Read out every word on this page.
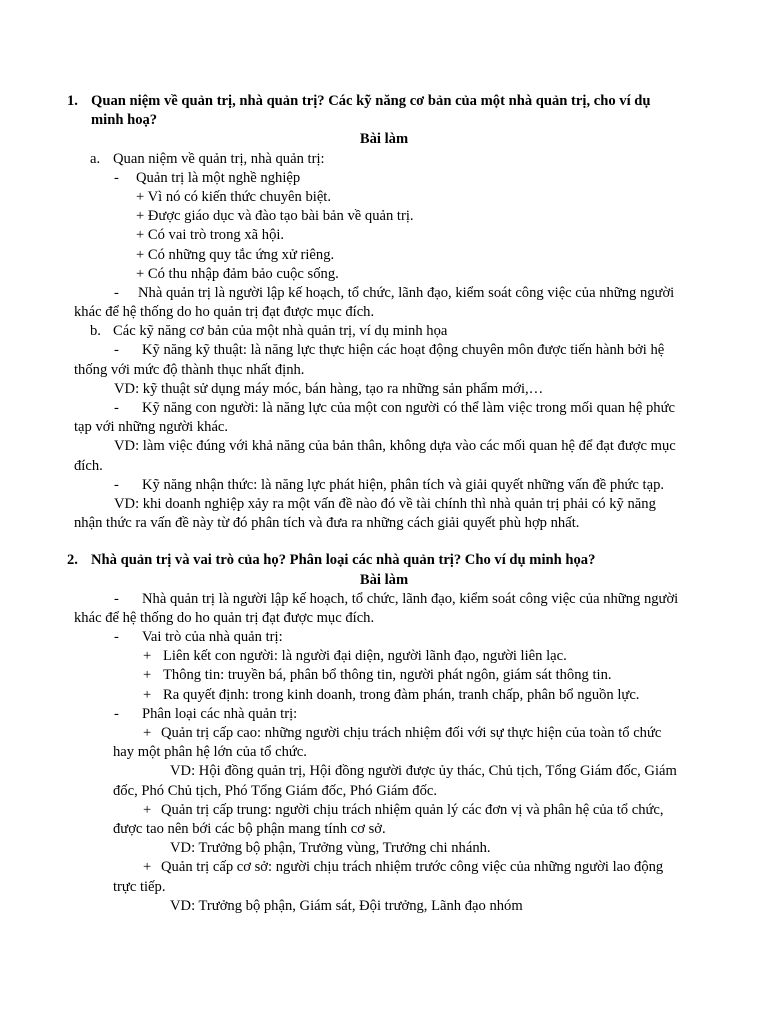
1. Quan niệm về quản trị, nhà quản trị? Các kỹ năng cơ bản của một nhà quản trị, cho ví dụ
minh hoạ?
Bài làm
a. Quan niệm về quản trị, nhà quản trị:
- Quản trị là một nghề nghiệp
+ Vì nó có kiến thức chuyên biệt.
+ Được giáo dục và đào tạo bài bản về quản trị.
+ Có vai trò trong xã hội.
+ Có những quy tắc ứng xử riêng.
+ Có thu nhập đảm bảo cuộc sống.
- Nhà quản trị là người lập kế hoạch, tổ chức, lãnh đạo, kiểm soát công việc của những người
khác để hệ thống do ho quản trị đạt được mục đích.
b. Các kỹ năng cơ bản của một nhà quản trị, ví dụ minh họa
- Kỹ năng kỹ thuật: là năng lực thực hiện các hoạt động chuyên môn được tiến hành bởi hệ
thống với mức độ thành thục nhất định.
VD: kỹ thuật sử dụng máy móc, bán hàng, tạo ra những sản phẩm mới,…
- Kỹ năng con người: là năng lực của một con người có thể làm việc trong mối quan hệ phức
tạp với những người khác.
VD: làm việc đúng với khả năng của bản thân, không dựa vào các mối quan hệ để đạt được mục
đích.
- Kỹ năng nhận thức: là năng lực phát hiện, phân tích và giải quyết những vấn đề phức tạp.
VD: khi doanh nghiệp xảy ra một vấn đề nào đó về tài chính thì nhà quản trị phải có kỹ năng
nhận thức ra vấn đề này từ đó phân tích và đưa ra những cách giải quyết phù hợp nhất.
2. Nhà quản trị và vai trò của họ? Phân loại các nhà quản trị? Cho ví dụ minh họa?
Bài làm
- Nhà quản trị là người lập kế hoạch, tổ chức, lãnh đạo, kiểm soát công việc của những người
khác để hệ thống do ho quản trị đạt được mục đích.
- Vai trò của nhà quản trị:
+ Liên kết con người: là người đại diện, người lãnh đạo, người liên lạc.
+ Thông tin: truyền bá, phân bổ thông tin, người phát ngôn, giám sát thông tin.
+ Ra quyết định: trong kinh doanh, trong đàm phán, tranh chấp, phân bổ nguồn lực.
- Phân loại các nhà quản trị:
+ Quản trị cấp cao: những người chịu trách nhiệm đối với sự thực hiện của toàn tổ chức
hay một phân hệ lớn của tổ chức.
VD: Hội đồng quản trị, Hội đồng người được ủy thác, Chủ tịch, Tổng Giám đốc, Giám
đốc, Phó Chủ tịch, Phó Tổng Giám đốc, Phó Giám đốc.
+ Quản trị cấp trung: người chịu trách nhiệm quản lý các đơn vị và phân hệ của tổ chức,
được tao nên bới các bộ phận mang tính cơ sở.
VD: Trưởng bộ phận, Trưởng vùng, Trưởng chi nhánh.
+ Quản trị cấp cơ sở: người chịu trách nhiệm trước công việc của những người lao động
trực tiếp.
VD: Trưởng bộ phận, Giám sát, Đội trưởng, Lãnh đạo nhóm
